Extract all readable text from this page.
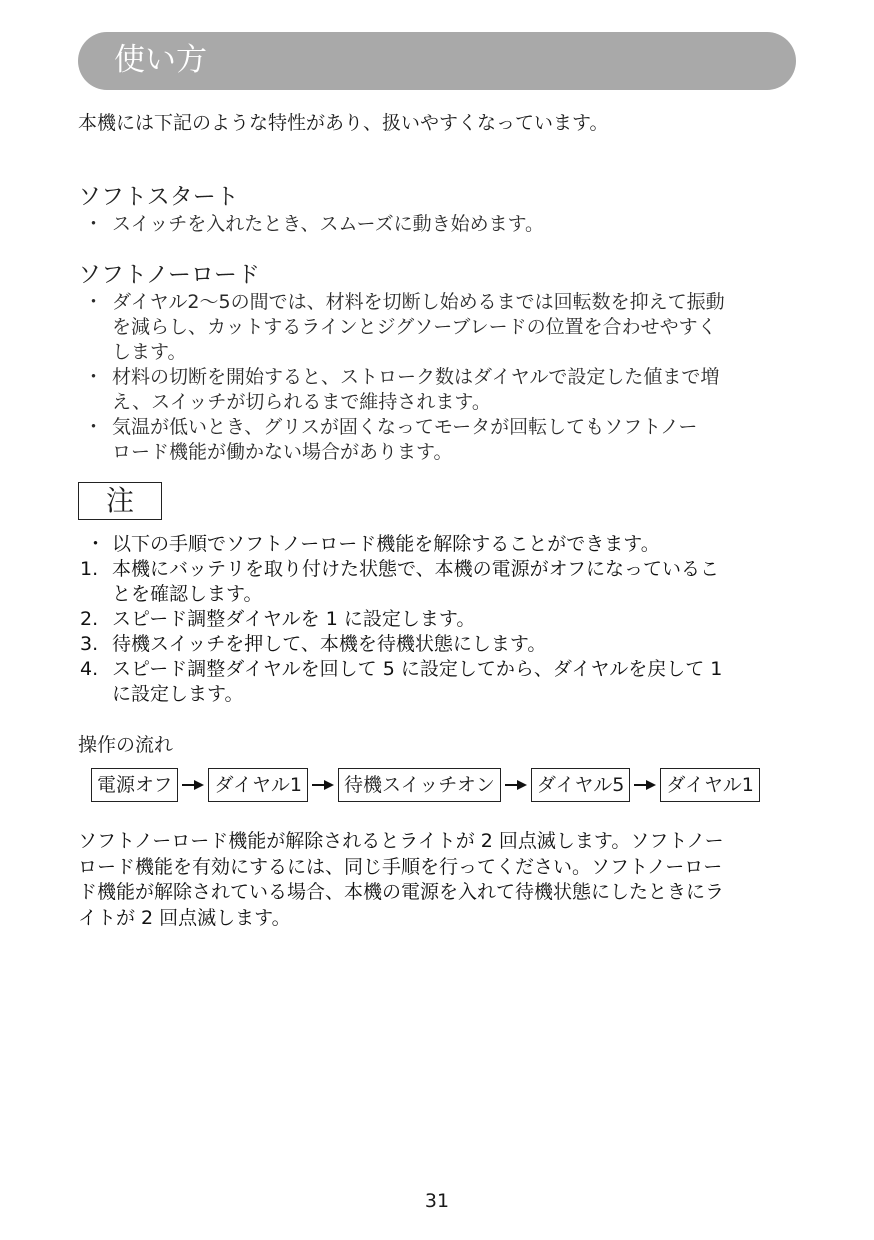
使い方
本機には下記のような特性があり、扱いやすくなっています。
ソフトスタート
・ スイッチを入れたとき、スムーズに動き始めます。
ソフトノーロード
・ ダイヤル2～5の間では、材料を切断し始めるまでは回転数を抑えて振動
を減らし、カットするラインとジグソーブレードの位置を合わせやすく
します。
・ 材料の切断を開始すると、ストローク数はダイヤルで設定した値まで増
え、スイッチが切られるまで維持されます。
・ 気温が低いとき、グリスが固くなってモータが回転してもソフトノー
ロード機能が働かない場合があります。
注
・ 以下の手順でソフトノーロード機能を解除することができます。
1. 本機にバッテリを取り付けた状態で、本機の電源がオフになっているこ
とを確認します。
2. スピード調整ダイヤルを 1 に設定します。
3. 待機スイッチを押して、本機を待機状態にします。
4. スピード調整ダイヤルを回して 5 に設定してから、ダイヤルを戻して 1
に設定します。
操作の流れ
電源オフ	ダイヤル1	待機スイッチオン	ダイヤル5	ダイヤル1
ソフトノーロード機能が解除されるとライトが 2 回点滅します。ソフトノー
ロード機能を有効にするには、同じ手順を行ってください。ソフトノーロー
ド機能が解除されている場合、本機の電源を入れて待機状態にしたときにラ
イトが 2 回点滅します。
31
